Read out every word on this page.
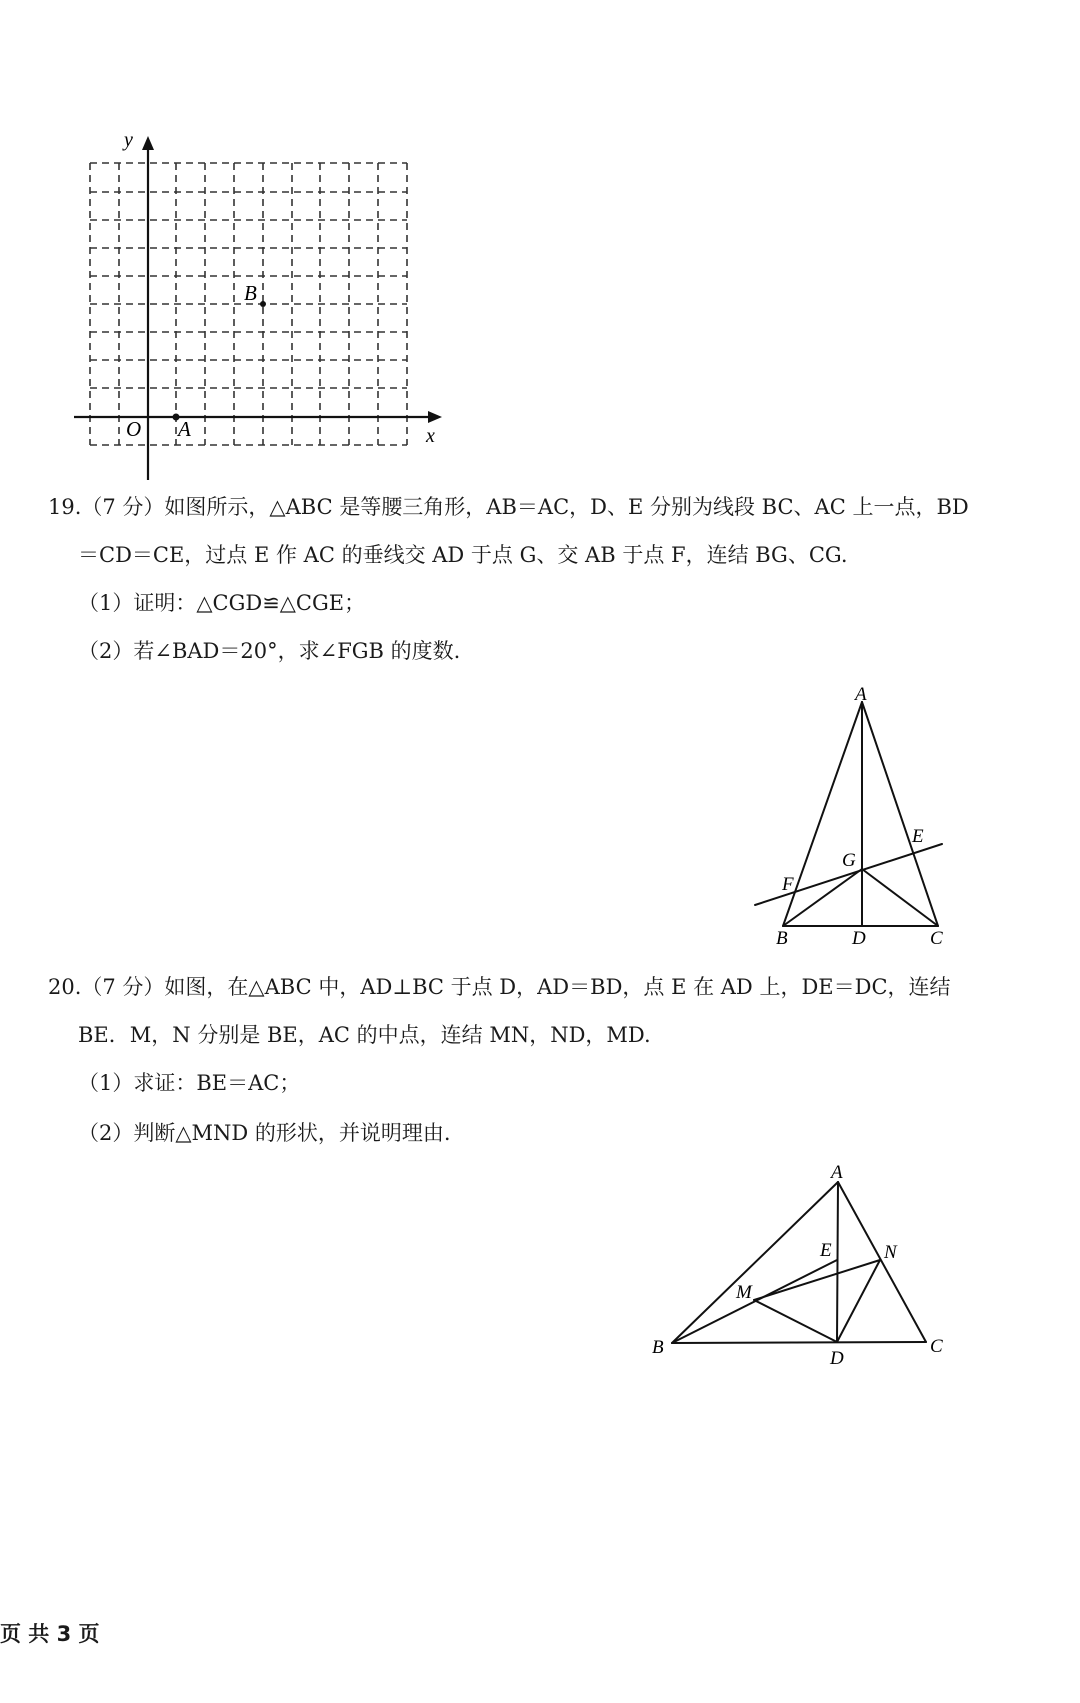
y
x
O A
B
19.（7 分）如图所示，△ABC 是等腰三角形，AB＝AC，D、E 分别为线段 BC、AC 上一点，BD
＝CD＝CE，过点 E 作 AC 的垂线交 AD 于点 G、交 AB 于点 F，连结 BG、CG.
（1）证明：△CGD≌△CGE；
（2）若∠BAD＝20°，求∠FGB 的度数.
A
B	C
D
E
F
G
20.（7 分）如图，在△ABC 中，AD⊥BC 于点 D，AD＝BD，点 E 在 AD 上，DE＝DC，连结
BE．M，N 分别是 BE，AC 的中点，连结 MN，ND，MD.
（1）求证：BE＝AC；
（2）判断△MND 的形状，并说明理由.
A
B	C
D
E
M
N
页 共 3 页
